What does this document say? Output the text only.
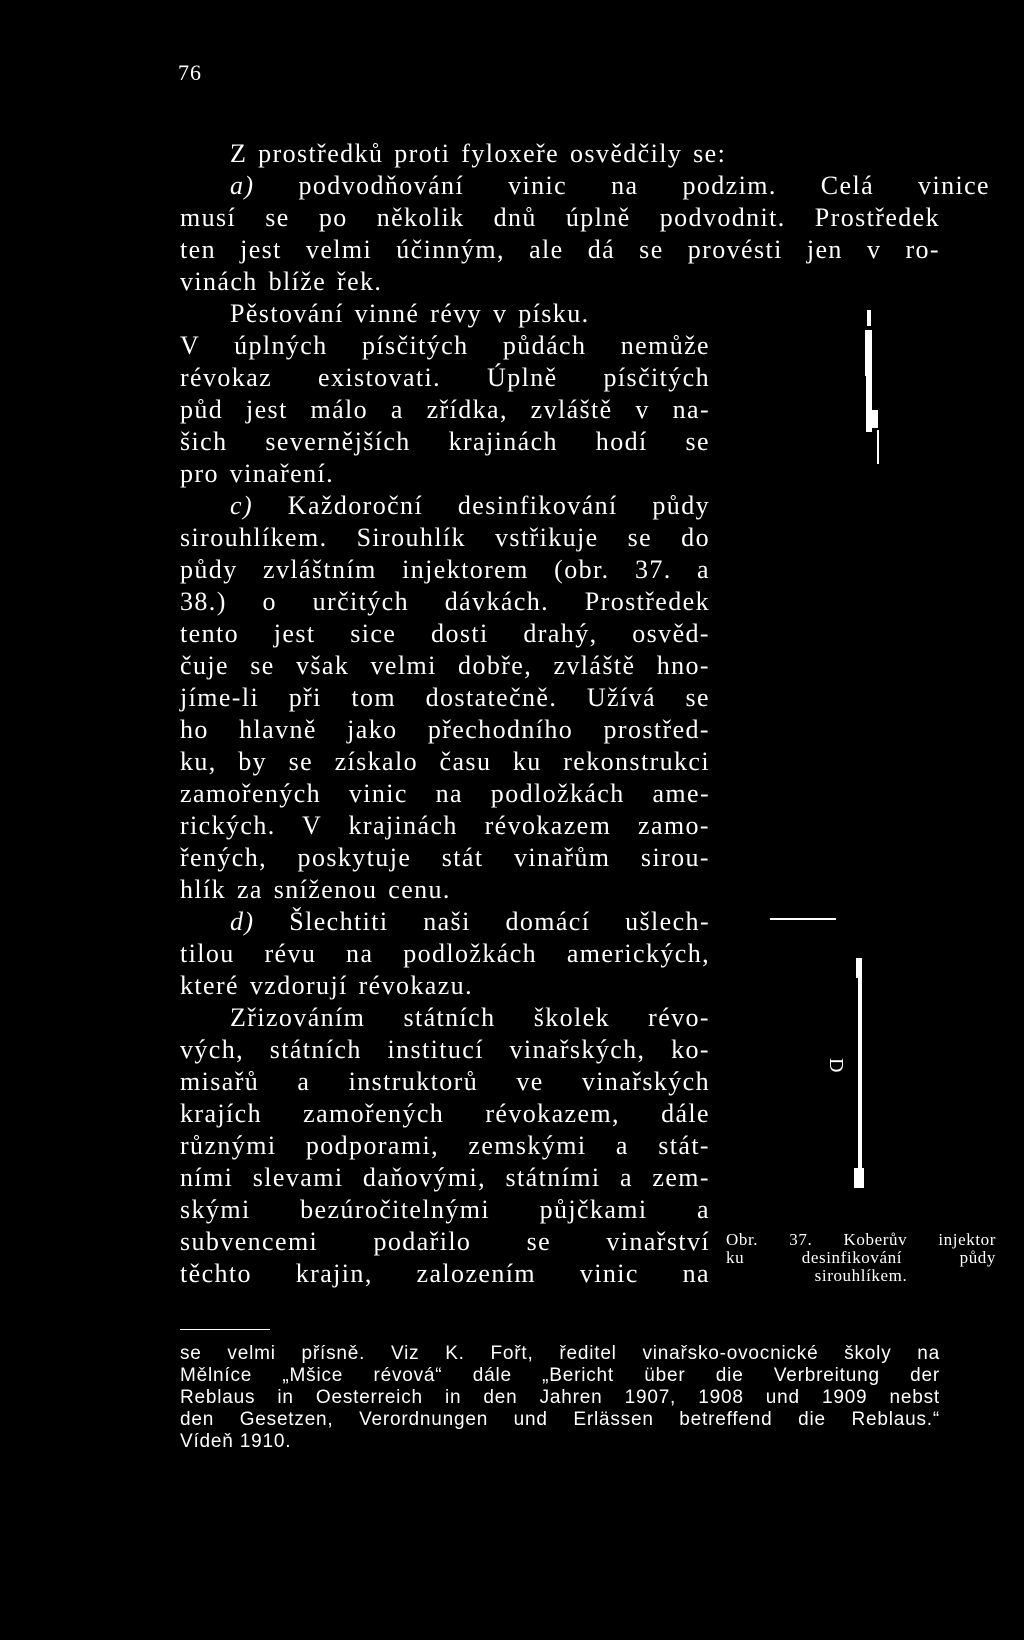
76
Z prostředků proti fyloxeře osvědčily se:
a) podvodňování vinic na podzim. Celá vinice
musí se po několik dnů úplně podvodnit. Prostředek
ten jest velmi účinným, ale dá se provésti jen v ro-
vinách blíže řek.
Pěstování vinné révy v písku.
V úplných písčitých půdách nemůže
révokaz existovati. Úplně písčitých
půd jest málo a zřídka, zvláště v na-
šich severnějších krajinách hodí se
pro vinaření.
c) Každoroční desinfikování půdy
sirouhlíkem. Sirouhlík vstřikuje se do
půdy zvláštním injektorem (obr. 37. a
38.) o určitých dávkách. Prostředek
tento jest sice dosti drahý, osvěd-
čuje se však velmi dobře, zvláště hno-
jíme-li při tom dostatečně. Užívá se
ho hlavně jako přechodního prostřed-
ku, by se získalo času ku rekonstrukci
zamořených vinic na podložkách ame-
rických. V krajinách révokazem zamo-
řených, poskytuje stát vinařům sirou-
hlík za sníženou cenu.
d) Šlechtiti naši domácí ušlech-
tilou révu na podložkách amerických,
které vzdorují révokazu.
Zřizováním státních školek révo-
vých, státních institucí vinařských, ko-
misařů a instruktorů ve vinařských
krajích zamořených révokazem, dále
různými podporami, zemskými a stát-
ními slevami daňovými, státními a zem-
skými bezúročitelnými půjčkami a
subvencemi podařilo se vinařství
těchto krajin, zalozením vinic na
D
Obr. 37. Koberův injektor
ku desinfikování půdy
sirouhlíkem.
se velmi přísně. Viz K. Fořt, ředitel vinařsko-ovocnické školy na
Mělníce „Mšice révová“ dále „Bericht über die Verbreitung der
Reblaus in Oesterreich in den Jahren 1907, 1908 und 1909 nebst
den Gesetzen, Verordnungen und Erlässen betreffend die Reblaus.“
Vídeň 1910.
